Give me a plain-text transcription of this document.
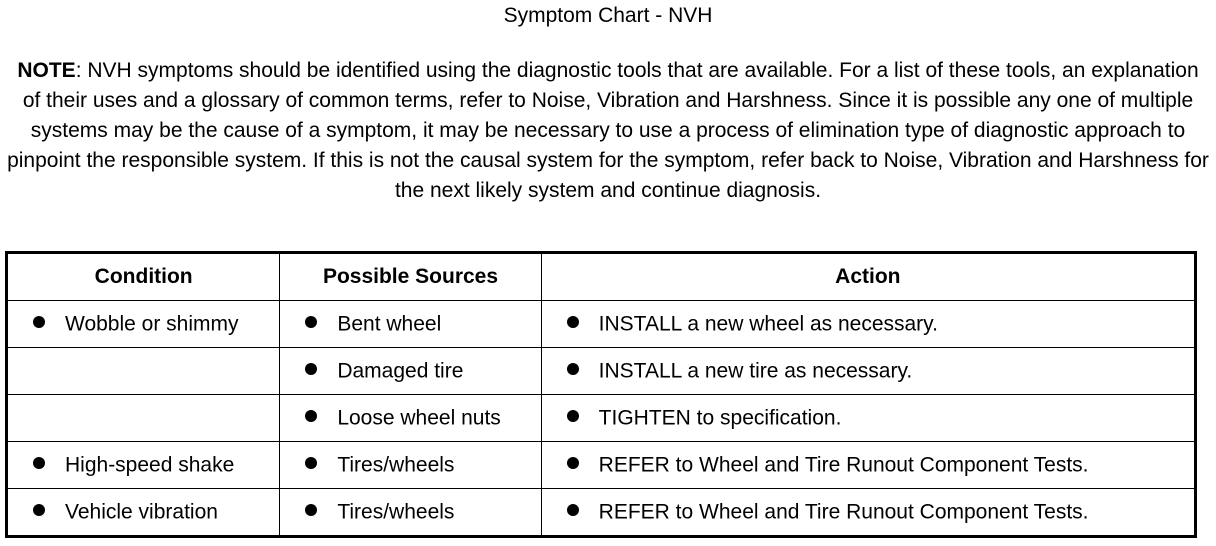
Symptom Chart - NVH
NOTE: NVH symptoms should be identified using the diagnostic tools that are available. For a list of these tools, an explanation of their uses and a glossary of common terms, refer to Noise, Vibration and Harshness. Since it is possible any one of multiple systems may be the cause of a symptom, it may be necessary to use a process of elimination type of diagnostic approach to pinpoint the responsible system. If this is not the causal system for the symptom, refer back to Noise, Vibration and Harshness for the next likely system and continue diagnosis.
Condition	Possible Sources	Action
Wobble or shimmy	Bent wheel	INSTALL a new wheel as necessary.
	Damaged tire	INSTALL a new tire as necessary.
	Loose wheel nuts	TIGHTEN to specification.
High-speed shake	Tires/wheels	REFER to Wheel and Tire Runout Component Tests.
Vehicle vibration	Tires/wheels	REFER to Wheel and Tire Runout Component Tests.
